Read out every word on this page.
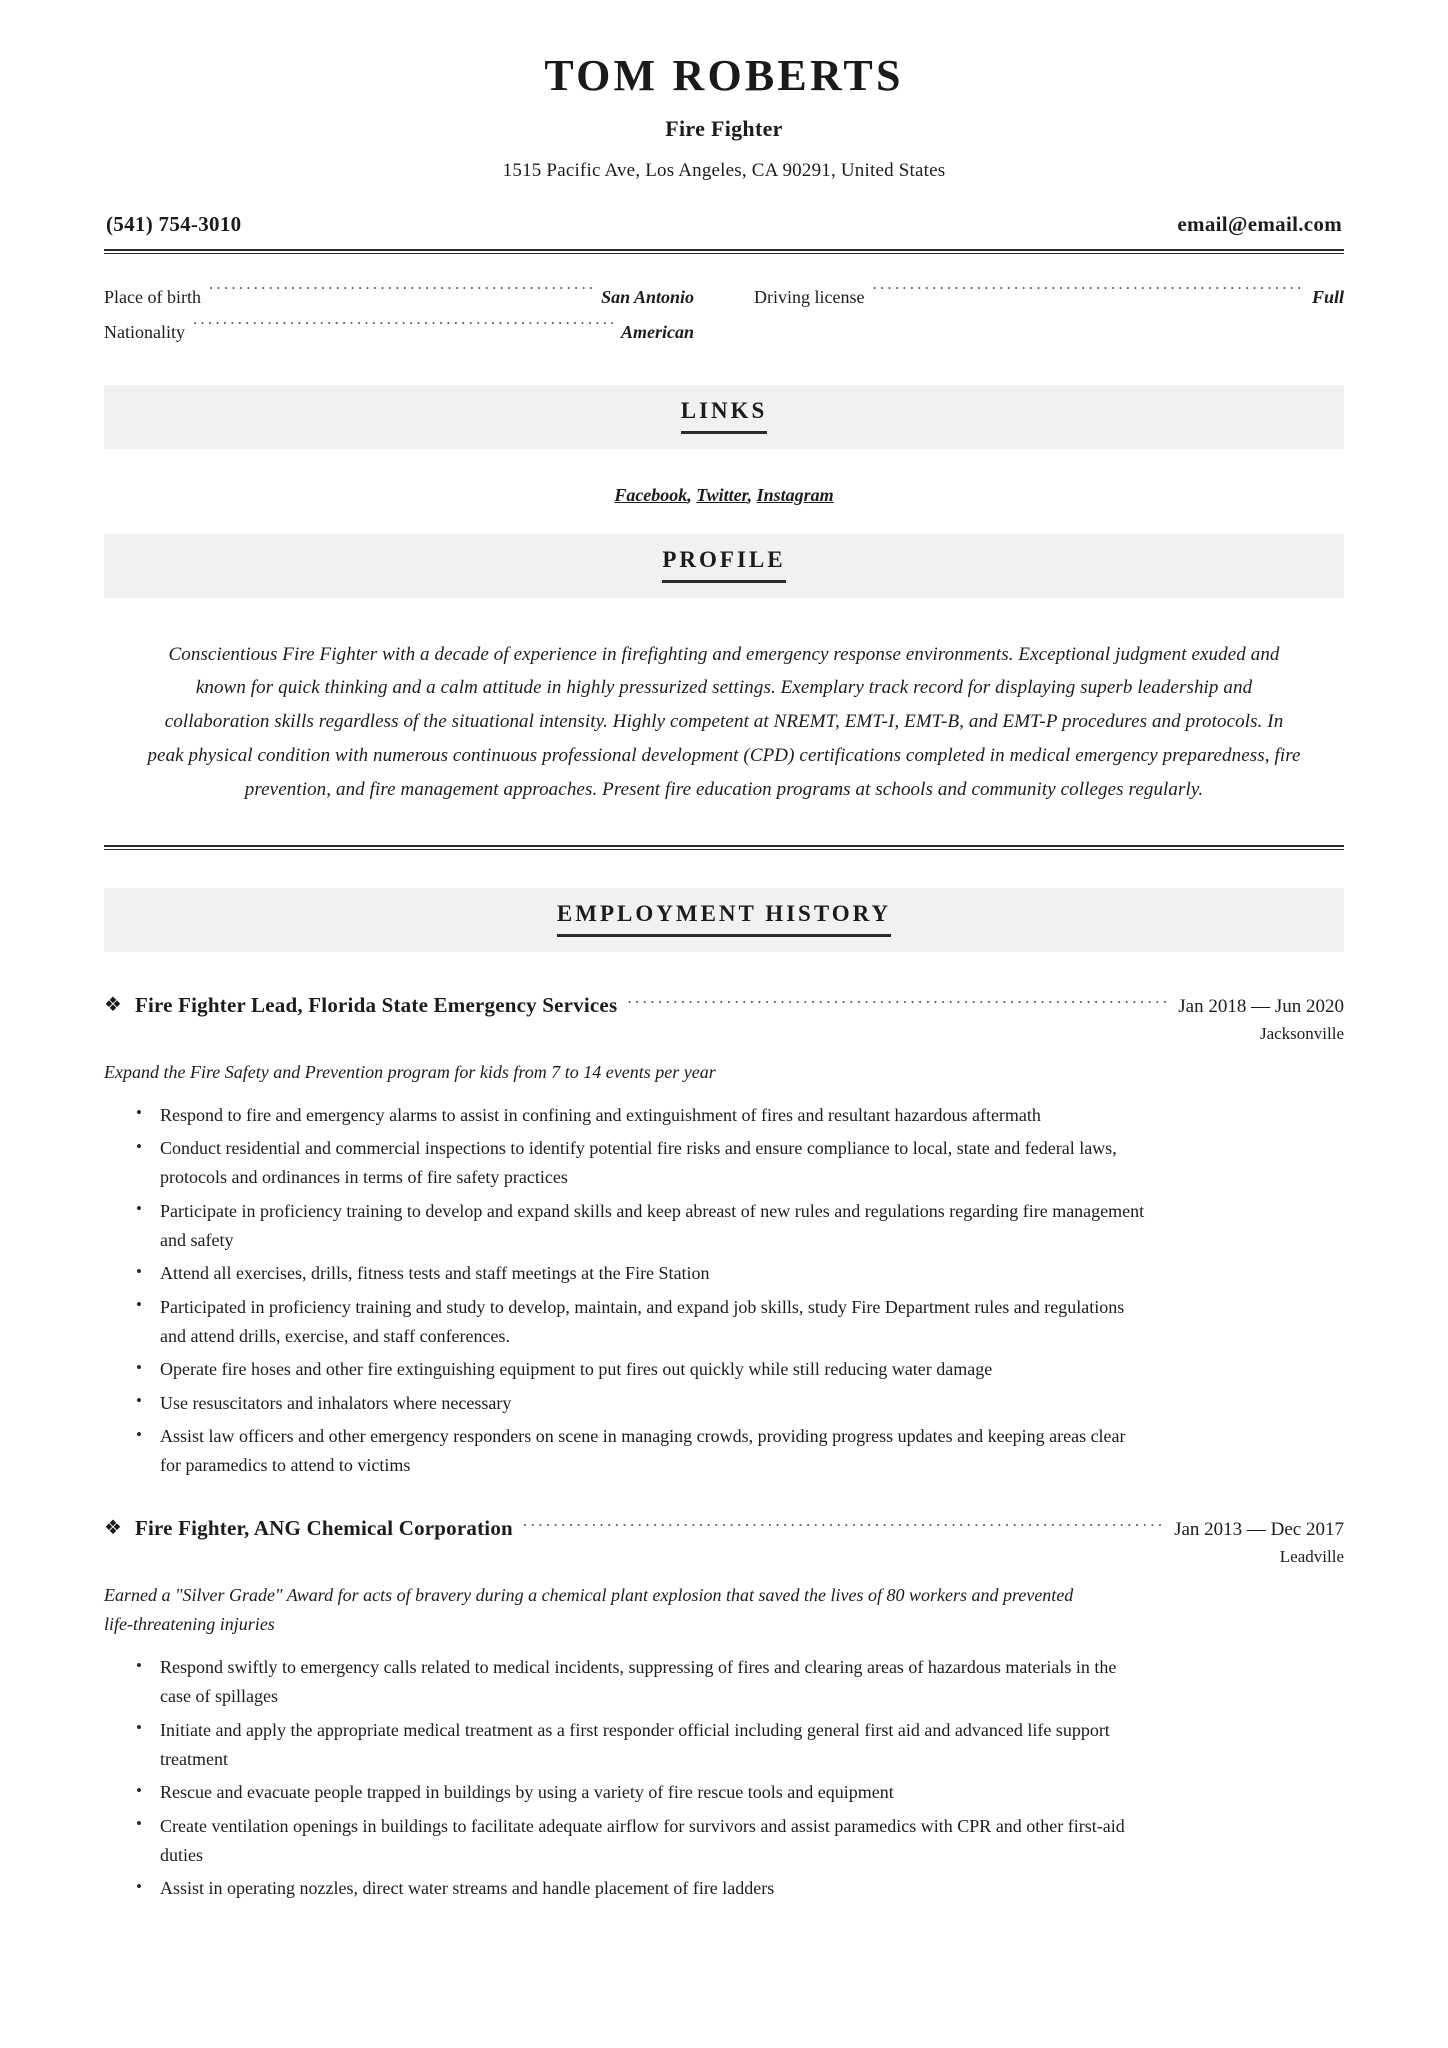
TOM ROBERTS
Fire Fighter
1515 Pacific Ave, Los Angeles, CA 90291, United States
(541) 754-3010	email@email.com
Place of birth .....	San Antonio
Nationality .....	American
Driving license .....	Full
LINKS
Facebook, Twitter, Instagram
PROFILE
Conscientious Fire Fighter with a decade of experience in firefighting and emergency response environments. Exceptional judgment exuded and known for quick thinking and a calm attitude in highly pressurized settings. Exemplary track record for displaying superb leadership and collaboration skills regardless of the situational intensity. Highly competent at NREMT, EMT-I, EMT-B, and EMT-P procedures and protocols. In peak physical condition with numerous continuous professional development (CPD) certifications completed in medical emergency preparedness, fire prevention, and fire management approaches. Present fire education programs at schools and community colleges regularly.
EMPLOYMENT HISTORY
❖ Fire Fighter Lead, Florida State Emergency Services .....	Jan 2018 — Jun 2020
Jacksonville
Expand the Fire Safety and Prevention program for kids from 7 to 14 events per year
• Respond to fire and emergency alarms to assist in confining and extinguishment of fires and resultant hazardous aftermath
• Conduct residential and commercial inspections to identify potential fire risks and ensure compliance to local, state and federal laws, protocols and ordinances in terms of fire safety practices
• Participate in proficiency training to develop and expand skills and keep abreast of new rules and regulations regarding fire management and safety
• Attend all exercises, drills, fitness tests and staff meetings at the Fire Station
• Participated in proficiency training and study to develop, maintain, and expand job skills, study Fire Department rules and regulations and attend drills, exercise, and staff conferences.
• Operate fire hoses and other fire extinguishing equipment to put fires out quickly while still reducing water damage
• Use resuscitators and inhalators where necessary
• Assist law officers and other emergency responders on scene in managing crowds, providing progress updates and keeping areas clear for paramedics to attend to victims
❖ Fire Fighter, ANG Chemical Corporation .....	Jan 2013 — Dec 2017
Leadville
Earned a "Silver Grade" Award for acts of bravery during a chemical plant explosion that saved the lives of 80 workers and prevented life-threatening injuries
• Respond swiftly to emergency calls related to medical incidents, suppressing of fires and clearing areas of hazardous materials in the case of spillages
• Initiate and apply the appropriate medical treatment as a first responder official including general first aid and advanced life support treatment
• Rescue and evacuate people trapped in buildings by using a variety of fire rescue tools and equipment
• Create ventilation openings in buildings to facilitate adequate airflow for survivors and assist paramedics with CPR and other first-aid duties
• Assist in operating nozzles, direct water streams and handle placement of fire ladders
